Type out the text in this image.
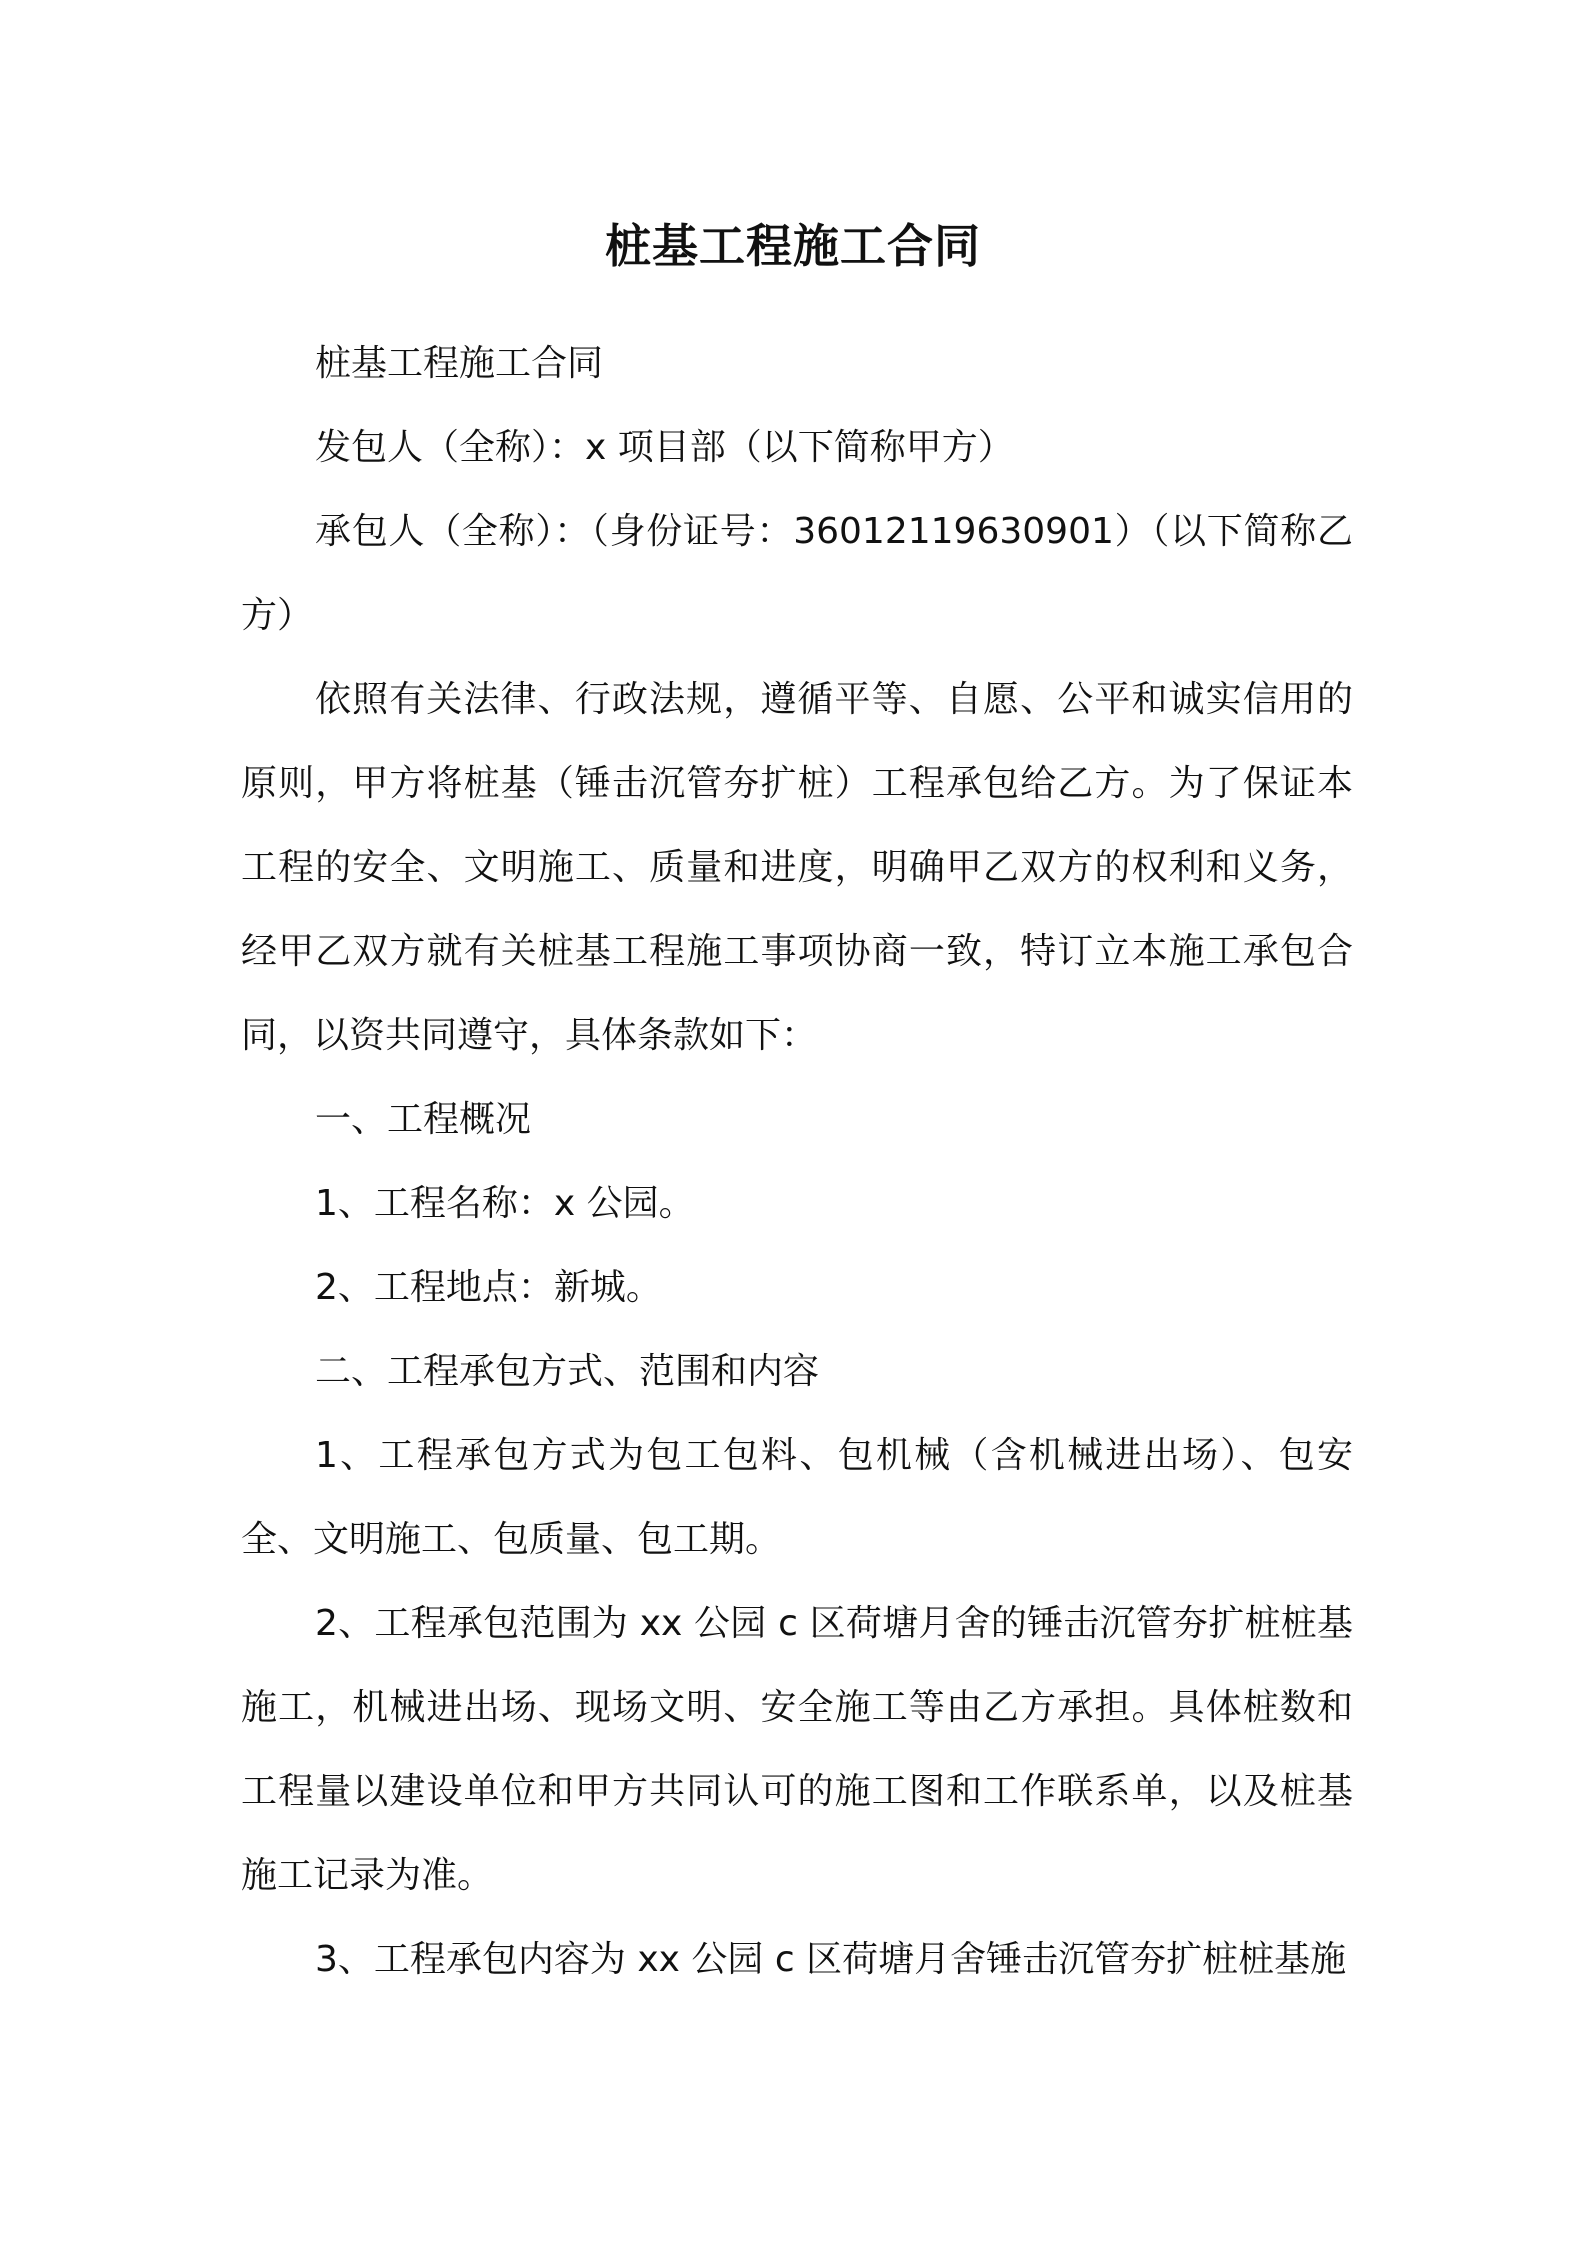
桩基工程施工合同

桩基工程施工合同

发包人（全称）：x 项目部（以下简称甲方）

承包人（全称）：（身份证号：36012119630901）（以下简称乙方）

依照有关法律、行政法规，遵循平等、自愿、公平和诚实信用的原则，甲方将桩基（锤击沉管夯扩桩）工程承包给乙方。为了保证本工程的安全、文明施工、质量和进度，明确甲乙双方的权利和义务，经甲乙双方就有关桩基工程施工事项协商一致，特订立本施工承包合同，以资共同遵守，具体条款如下：

一、工程概况

1、工程名称：x 公园。

2、工程地点：新城。

二、工程承包方式、范围和内容

1、工程承包方式为包工包料、包机械（含机械进出场）、包安全、文明施工、包质量、包工期。

2、工程承包范围为 xx 公园 c 区荷塘月舍的锤击沉管夯扩桩桩基施工，机械进出场、现场文明、安全施工等由乙方承担。具体桩数和工程量以建设单位和甲方共同认可的施工图和工作联系单，以及桩基施工记录为准。

3、工程承包内容为 xx 公园 c 区荷塘月舍锤击沉管夯扩桩桩基施
